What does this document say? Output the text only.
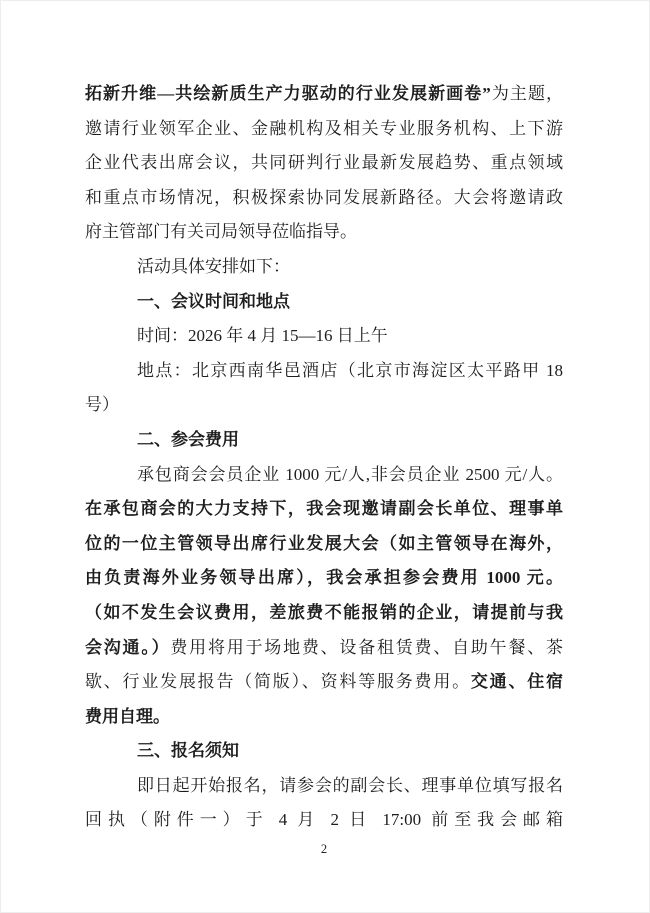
拓新升维—共绘新质生产力驱动的行业发展新画卷”为主题，
邀请行业领军企业、金融机构及相关专业服务机构、上下游
企业代表出席会议，共同研判行业最新发展趋势、重点领域
和重点市场情况，积极探索协同发展新路径。大会将邀请政
府主管部门有关司局领导莅临指导。
活动具体安排如下：
一、会议时间和地点
时间：2026 年 4 月 15—16 日上午
地点：北京西南华邑酒店（北京市海淀区太平路甲 18
号）
二、参会费用
承包商会会员企业 1000 元/人,非会员企业 2500 元/人。
在承包商会的大力支持下，我会现邀请副会长单位、理事单
位的一位主管领导出席行业发展大会（如主管领导在海外，
由负责海外业务领导出席），我会承担参会费用 1000 元。
（如不发生会议费用，差旅费不能报销的企业，请提前与我
会沟通。）费用将用于场地费、设备租赁费、自助午餐、茶
歇、行业发展报告（简版）、资料等服务费用。交通、住宿
费用自理。
三、报名须知
即日起开始报名，请参会的副会长、理事单位填写报名
回执（附件一）于 4 月 2 日 17:00 前至我会邮箱
2
